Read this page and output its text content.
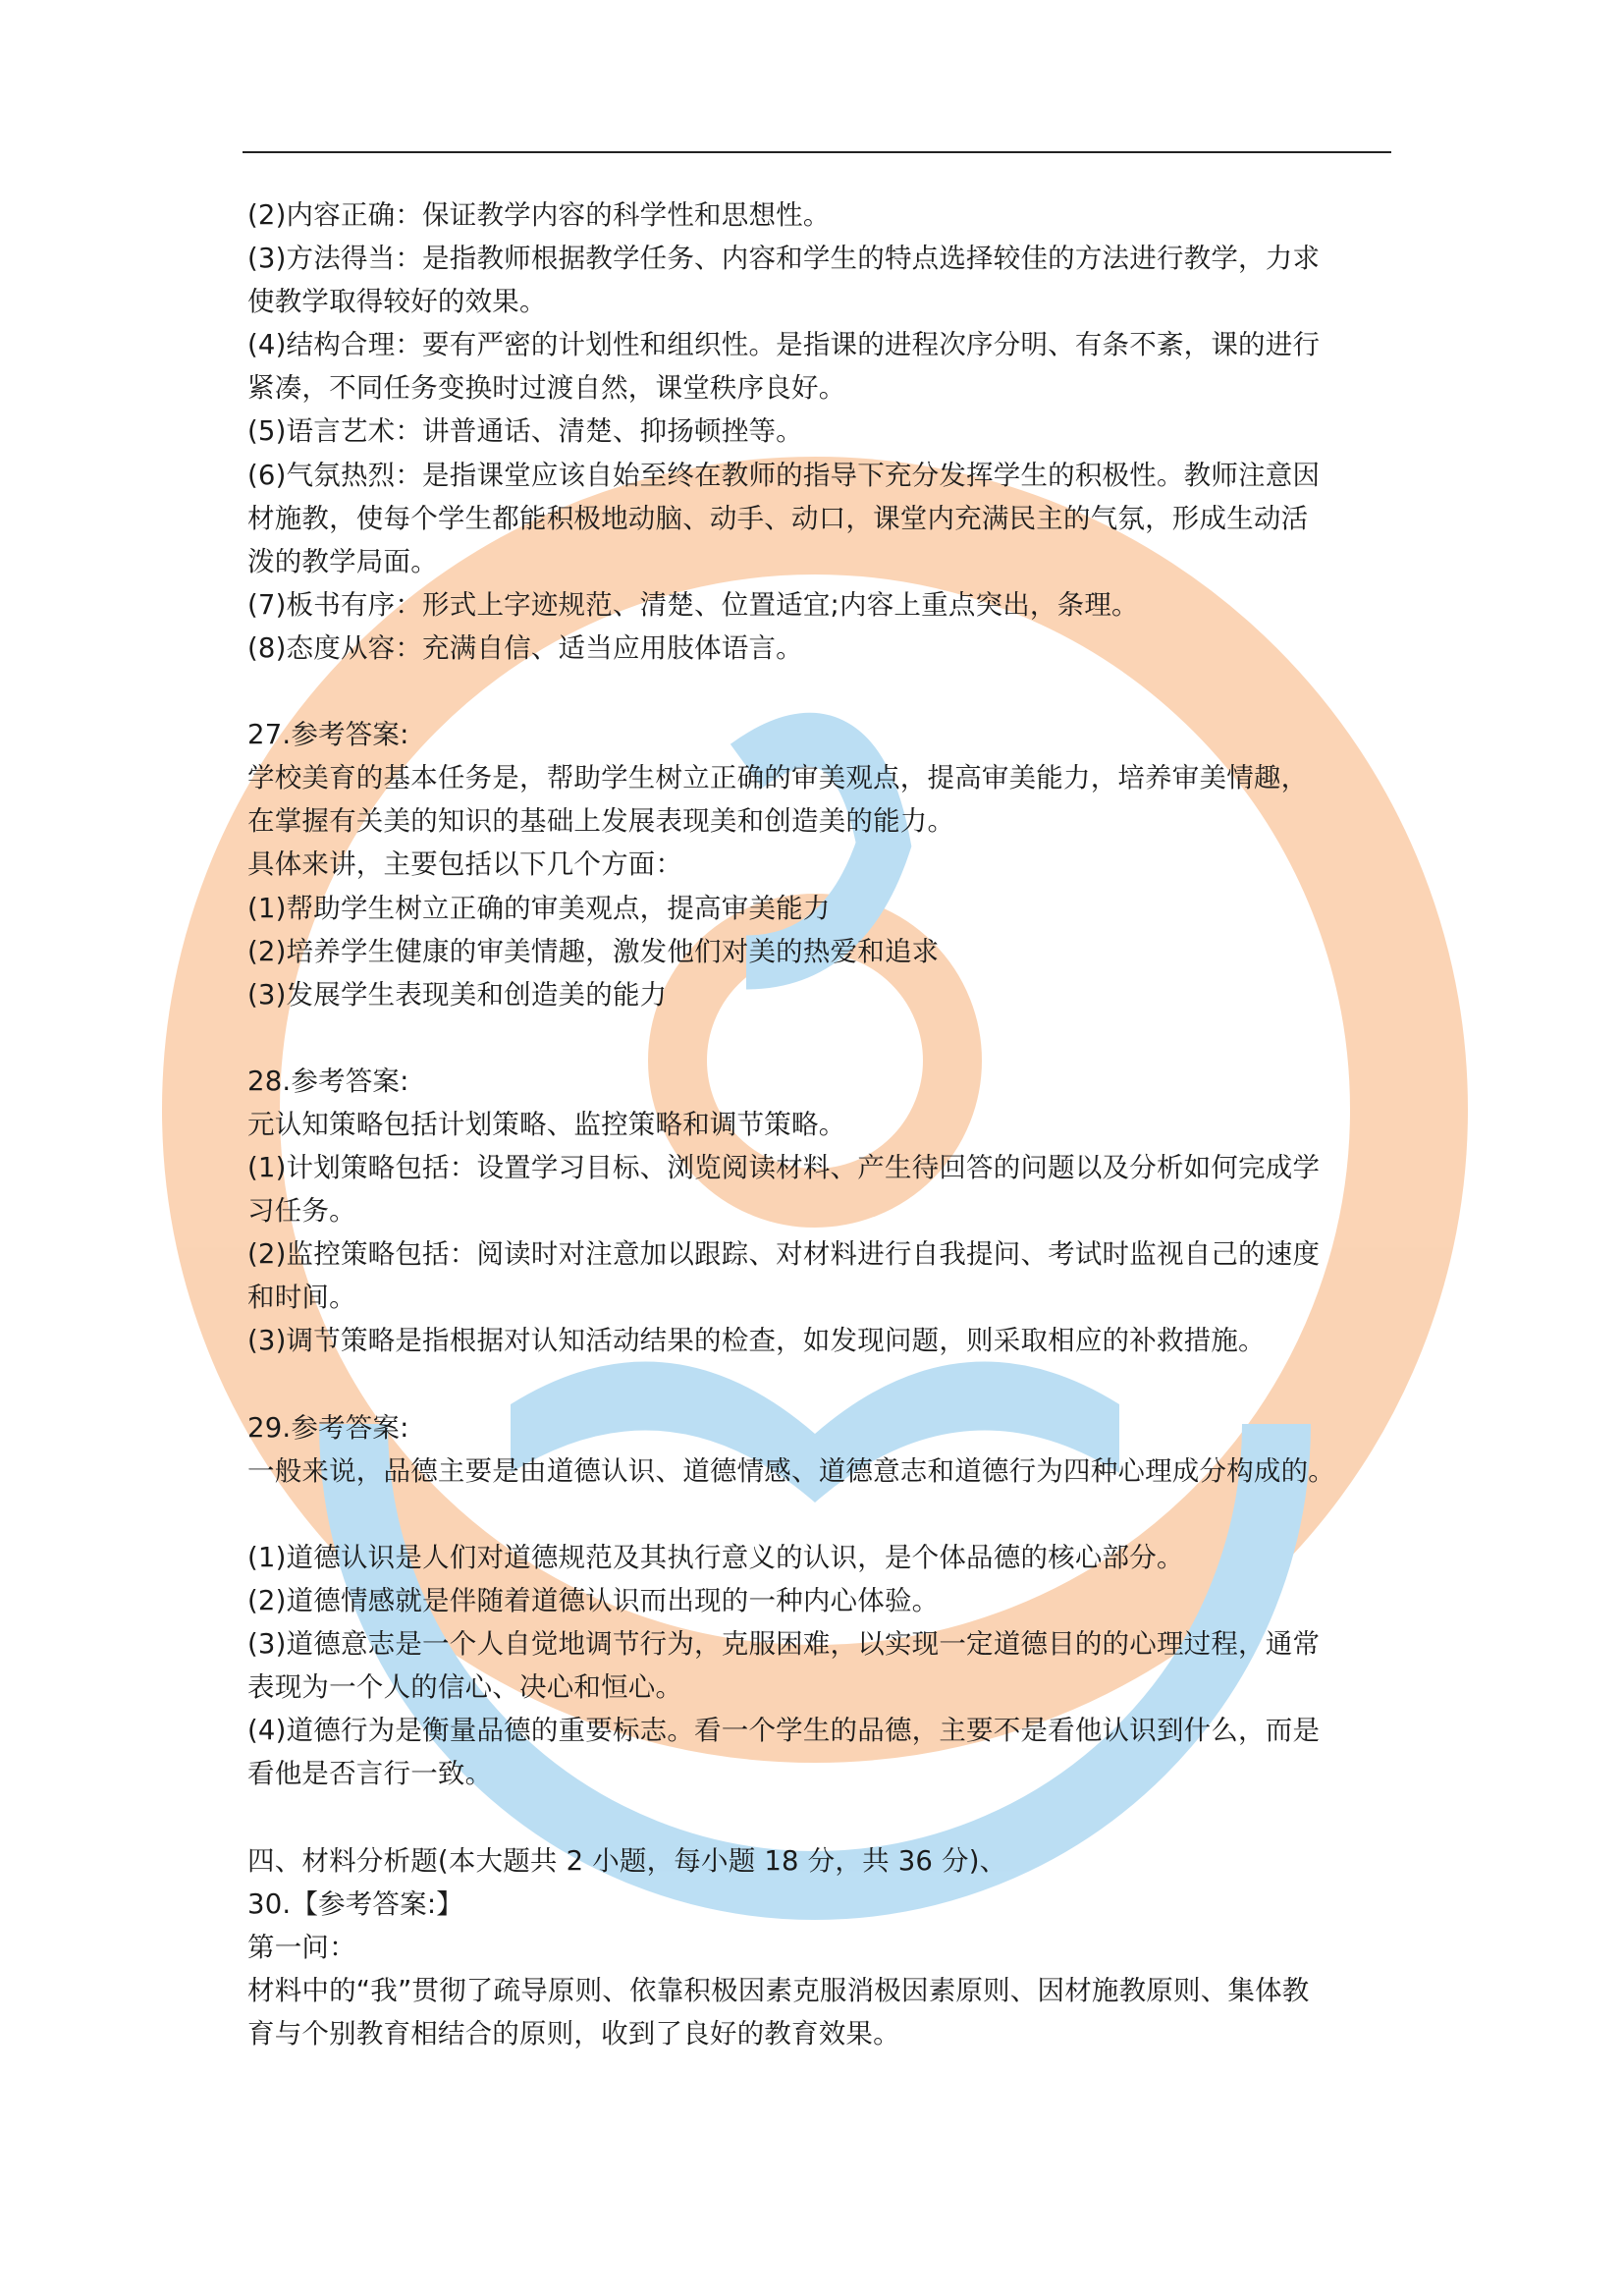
(2)内容正确：保证教学内容的科学性和思想性。
(3)方法得当：是指教师根据教学任务、内容和学生的特点选择较佳的方法进行教学，力求
使教学取得较好的效果。
(4)结构合理：要有严密的计划性和组织性。是指课的进程次序分明、有条不紊，课的进行
紧凑，不同任务变换时过渡自然，课堂秩序良好。
(5)语言艺术：讲普通话、清楚、抑扬顿挫等。
(6)气氛热烈：是指课堂应该自始至终在教师的指导下充分发挥学生的积极性。教师注意因
材施教，使每个学生都能积极地动脑、动手、动口，课堂内充满民主的气氛，形成生动活
泼的教学局面。
(7)板书有序：形式上字迹规范、清楚、位置适宜;内容上重点突出，条理。
(8)态度从容：充满自信、适当应用肢体语言。
27.参考答案:
学校美育的基本任务是，帮助学生树立正确的审美观点，提高审美能力，培养审美情趣，
在掌握有关美的知识的基础上发展表现美和创造美的能力。
具体来讲，主要包括以下几个方面：
(1)帮助学生树立正确的审美观点，提高审美能力
(2)培养学生健康的审美情趣，激发他们对美的热爱和追求
(3)发展学生表现美和创造美的能力
28.参考答案:
元认知策略包括计划策略、监控策略和调节策略。
(1)计划策略包括：设置学习目标、浏览阅读材料、产生待回答的问题以及分析如何完成学
习任务。
(2)监控策略包括：阅读时对注意加以跟踪、对材料进行自我提问、考试时监视自己的速度
和时间。
(3)调节策略是指根据对认知活动结果的检查，如发现问题，则采取相应的补救措施。
29.参考答案:
一般来说，品德主要是由道德认识、道德情感、道德意志和道德行为四种心理成分构成的。
(1)道德认识是人们对道德规范及其执行意义的认识，是个体品德的核心部分。
(2)道德情感就是伴随着道德认识而出现的一种内心体验。
(3)道德意志是一个人自觉地调节行为，克服困难，以实现一定道德目的的心理过程，通常
表现为一个人的信心、决心和恒心。
(4)道德行为是衡量品德的重要标志。看一个学生的品德，主要不是看他认识到什么，而是
看他是否言行一致。
四、材料分析题(本大题共 2 小题，每小题 18 分，共 36 分)、
30.【参考答案:】
第一问：
材料中的“我”贯彻了疏导原则、依靠积极因素克服消极因素原则、因材施教原则、集体教
育与个别教育相结合的原则，收到了良好的教育效果。
